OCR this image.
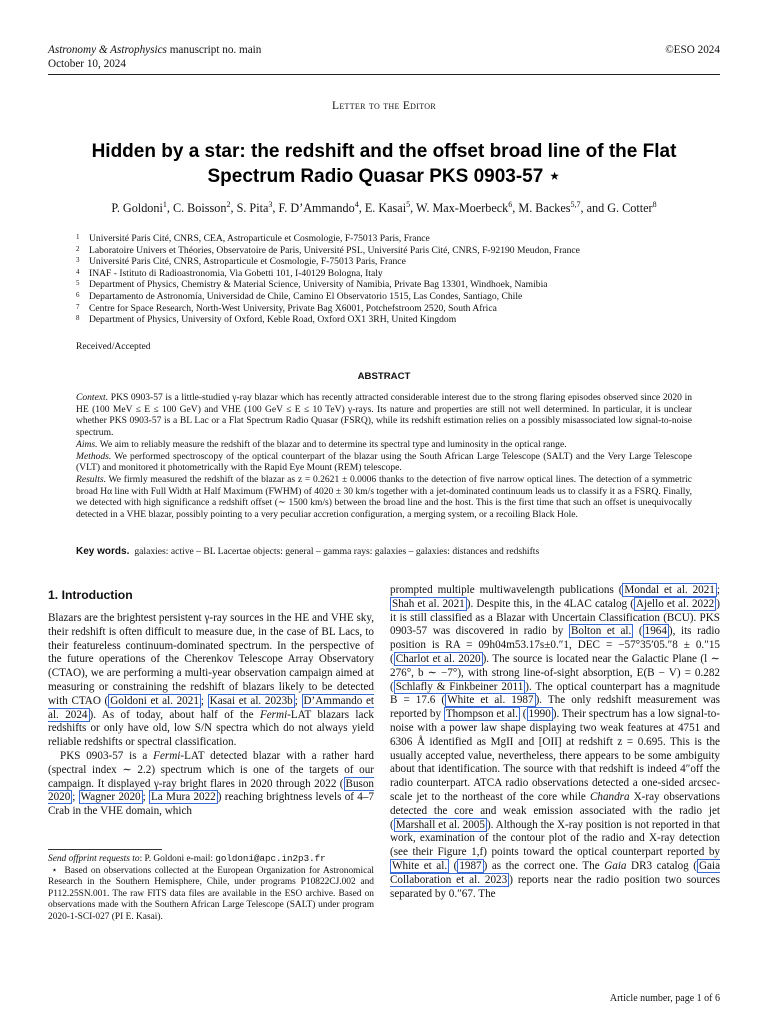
Astronomy & Astrophysics manuscript no. main	©ESO 2024
October 10, 2024
Letter to the Editor
Hidden by a star: the redshift and the offset broad line of the Flat
Spectrum Radio Quasar PKS 0903-57 ⋆
P. Goldoni$^1$, C. Boisson$^2$, S. Pita$^3$, F. D’Ammando$^4$, E. Kasai$^5$, W. Max-Moerbeck$^6$, M. Backes$^{5,7}$, and G. Cotter$^8$
1 Université Paris Cité, CNRS, CEA, Astroparticule et Cosmologie, F-75013 Paris, France
2 Laboratoire Univers et Théories, Observatoire de Paris, Université PSL, Université Paris Cité, CNRS, F-92190 Meudon, France
3 Université Paris Cité, CNRS, Astroparticule et Cosmologie, F-75013 Paris, France
4 INAF - Istituto di Radioastronomia, Via Gobetti 101, I-40129 Bologna, Italy
5 Department of Physics, Chemistry & Material Science, University of Namibia, Private Bag 13301, Windhoek, Namibia
6 Departamento de Astronomía, Universidad de Chile, Camino El Observatorio 1515, Las Condes, Santiago, Chile
7 Centre for Space Research, North-West University, Private Bag X6001, Potchefstroom 2520, South Africa
8 Department of Physics, University of Oxford, Keble Road, Oxford OX1 3RH, United Kingdom
Received/Accepted
ABSTRACT

Context. PKS 0903-57 is a little-studied γ-ray blazar which has recently attracted considerable interest due to the strong flaring episodes observed since 2020 in HE (100 MeV ≤ E ≤ 100 GeV) and VHE (100 GeV ≤ E ≤ 10 TeV) γ-rays. Its nature and properties are still not well determined. In particular, it is unclear whether PKS 0903-57 is a BL Lac or a Flat Spectrum Radio Quasar (FSRQ), while its redshift estimation relies on a possibly misassociated low signal-to-noise spectrum.

Aims. We aim to reliably measure the redshift of the blazar and to determine its spectral type and luminosity in the optical range.

Methods. We performed spectroscopy of the optical counterpart of the blazar using the South African Large Telescope (SALT) and the Very Large Telescope (VLT) and monitored it photometrically with the Rapid Eye Mount (REM) telescope.

Results. We firmly measured the redshift of the blazar as z = 0.2621 ± 0.0006 thanks to the detection of five narrow optical lines. The detection of a symmetric broad Hα line with Full Width at Half Maximum (FWHM) of 4020 ± 30 km/s together with a jet-dominated continuum leads us to classify it as a FSRQ. Finally, we detected with high significance a redshift offset (∼ 1500 km/s) between the broad line and the host. This is the first time that such an offset is unequivocally detected in a VHE blazar, possibly pointing to a very peculiar accretion configuration, a merging system, or a recoiling Black Hole.

Key words. galaxies: active – BL Lacertae objects: general – gamma rays: galaxies – galaxies: distances and redshifts
1. Introduction

Blazars are the brightest persistent γ-ray sources in the HE and VHE sky, their redshift is often difficult to measure due, in the case of BL Lacs, to their featureless continuum-dominated spectrum. In the perspective of the future operations of the Cherenkov Telescope Array Observatory (CTAO), we are performing a multi-year observation campaign aimed at measuring or constraining the redshift of blazars likely to be detected with CTAO ( Goldoni et al. 2021 ; Kasai et al. 2023b ; D’Ammando et al. 2024 ). As of today, about half of the Fermi-LAT blazars lack redshifts or only have old, low S/N spectra which do not always yield reliable redshifts or spectral classification.

PKS 0903-57 is a Fermi-LAT detected blazar with a rather hard (spectral index ∼ 2.2) spectrum which is one of the targets of our campaign. It displayed γ-ray bright flares in 2020 through 2022 ( Buson 2020 ; Wagner 2020 ; La Mura 2022 ) reaching brightness levels of 4–7 Crab in the VHE domain, which

Send offprint requests to: P. Goldoni e-mail: goldoni@apc.in2p3.fr

⋆ Based on observations collected at the European Organization for Astronomical Research in the Southern Hemisphere, Chile, under programs P10822CJ.002 and P112.25SN.001. The raw FITS data files are available in the ESO archive. Based on observations made with the Southern African Large Telescope (SALT) under program 2020-1-SCI-027 (PI E. Kasai).

prompted multiple multiwavelength publications ( Mondal et al. 2021 ; Shah et al. 2021 ). Despite this, in the 4LAC catalog ( Ajello et al. 2022 ) it is still classified as a Blazar with Uncertain Classification (BCU). PKS 0903-57 was discovered in radio by Bolton et al. ( 1964 ), its radio position is RA = 09h04m53.17s±0.″1, DEC = −57°35′05.″8 ± 0.″15 ( Charlot et al. 2020 ). The source is located near the Galactic Plane (l ∼ 276°, b ∼ −7°), with strong line-of-sight absorption, E(B − V) = 0.282 ( Schlafly & Finkbeiner 2011 ). The optical counterpart has a magnitude B = 17.6 ( White et al. 1987 ). The only redshift measurement was reported by Thompson et al. ( 1990 ). Their spectrum has a low signal-to-noise with a power law shape displaying two weak features at 4751 and 6306 Å identified as MgII and [OII] at redshift z = 0.695. This is the usually accepted value, nevertheless, there appears to be some ambiguity about that identification. The source with that redshift is indeed 4″off the radio counterpart. ATCA radio observations detected a one-sided arcsec-scale jet to the northeast of the core while Chandra X-ray observations detected the core and weak emission associated with the radio jet ( Marshall et al. 2005 ). Although the X-ray position is not reported in that work, examination of the contour plot of the radio and X-ray detection (see their Figure 1,f) points toward the optical counterpart reported by White et al. ( 1987 ) as the correct one. The Gaia DR3 catalog ( Gaia Collaboration et al. 2023 ) reports near the radio position two sources separated by 0.″67. The

Article number, page 1 of 6
